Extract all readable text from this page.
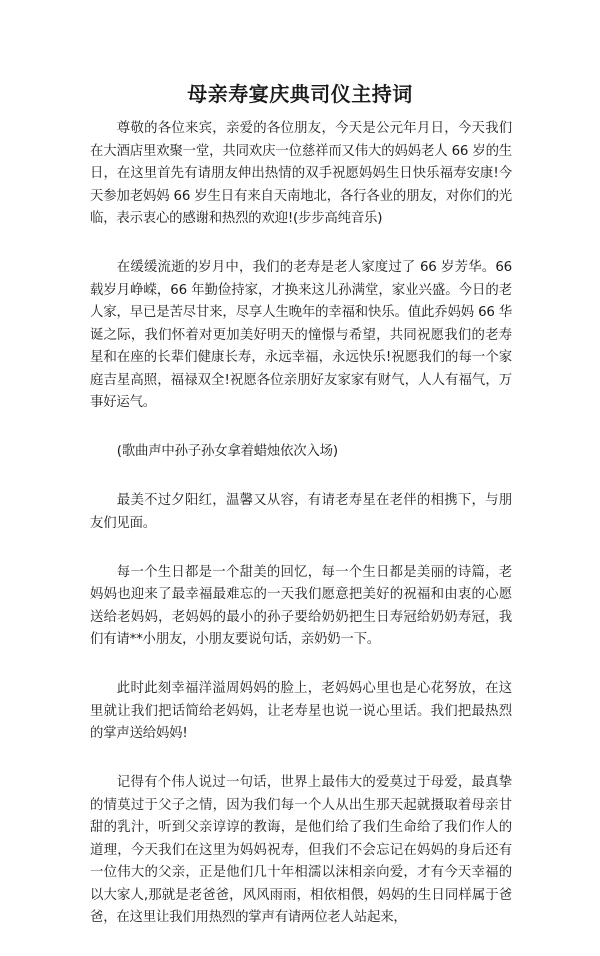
母亲寿宴庆典司仪主持词

尊敬的各位来宾，亲爱的各位朋友，今天是公元年月日，今天我们在大酒店里欢聚一堂，共同欢庆一位慈祥而又伟大的妈妈老人 66 岁的生日，在这里首先有请朋友伸出热情的双手祝愿妈妈生日快乐福寿安康!今天参加老妈妈 66 岁生日有来自天南地北，各行各业的朋友，对你们的光临，表示衷心的感谢和热烈的欢迎!(步步高纯音乐)

在缓缓流逝的岁月中，我们的老寿是老人家度过了 66 岁芳华。66 载岁月峥嵘，66 年勤俭持家，才换来这儿孙满堂，家业兴盛。今日的老人家，早已是苦尽甘来，尽享人生晚年的幸福和快乐。值此乔妈妈 66 华诞之际，我们怀着对更加美好明天的憧憬与希望，共同祝愿我们的老寿星和在座的长辈们健康长寿，永远幸福，永远快乐!祝愿我们的每一个家庭吉星高照，福禄双全!祝愿各位亲朋好友家家有财气，人人有福气，万事好运气。

(歌曲声中孙子孙女拿着蜡烛依次入场)

最美不过夕阳红，温馨又从容，有请老寿星在老伴的相携下，与朋友们见面。

每一个生日都是一个甜美的回忆，每一个生日都是美丽的诗篇，老妈妈也迎来了最幸福最难忘的一天我们愿意把美好的祝福和由衷的心愿送给老妈妈，老妈妈的最小的孙子要给奶奶把生日寿冠给奶奶寿冠，我们有请**小朋友，小朋友要说句话，亲奶奶一下。

此时此刻幸福洋溢周妈妈的脸上，老妈妈心里也是心花努放，在这里就让我们把话简给老妈妈，让老寿星也说一说心里话。我们把最热烈的掌声送给妈妈!

记得有个伟人说过一句话，世界上最伟大的爱莫过于母爱，最真挚的情莫过于父子之情，因为我们每一个人从出生那天起就摄取着母亲甘甜的乳汁，听到父亲谆谆的教诲，是他们给了我们生命给了我们作人的道理，今天我们在这里为妈妈祝寿，但我们不会忘记在妈妈的身后还有一位伟大的父亲，正是他们几十年相濡以沫相亲向爱，才有今天幸福的以大家人,那就是老爸爸，风风雨雨，相依相偎，妈妈的生日同样属于爸爸，在这里让我们用热烈的掌声有请两位老人站起来，
